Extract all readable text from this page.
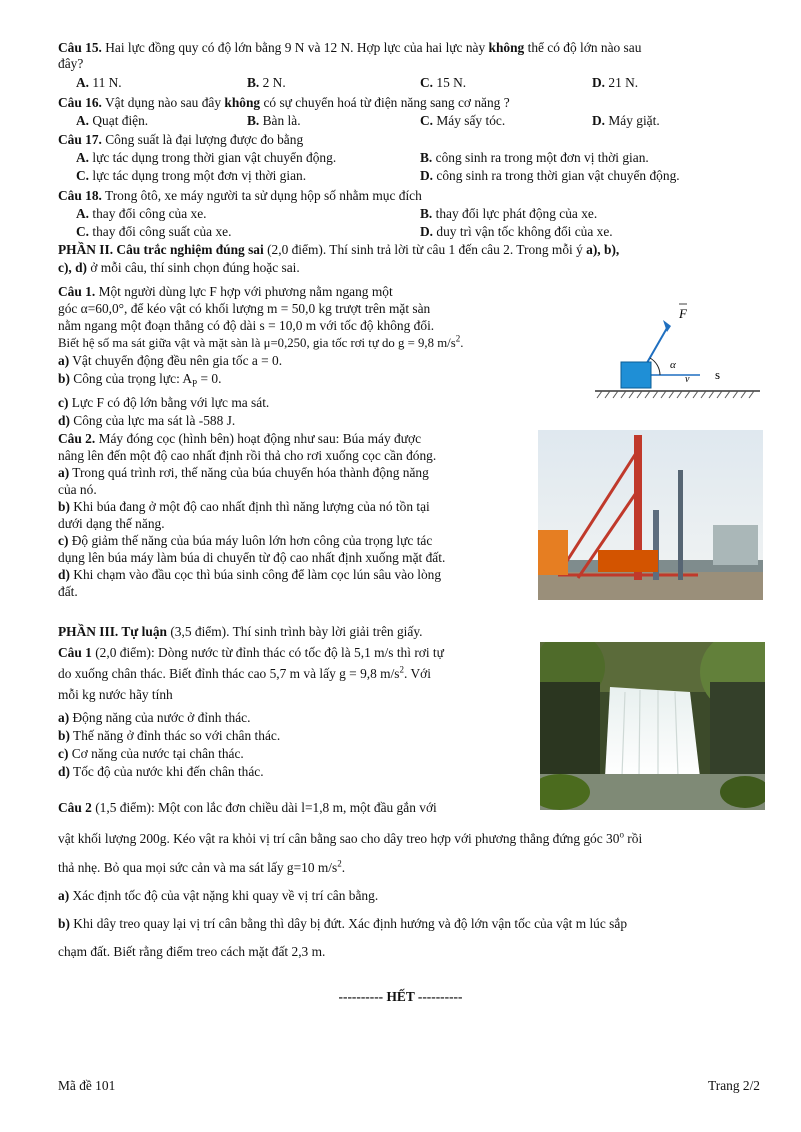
Câu 15. Hai lực đồng quy có độ lớn bằng 9 N và 12 N. Hợp lực của hai lực này không thể có độ lớn nào sau
đây?
A. 11 N.	B. 2 N.	C. 15 N.	D. 21 N.
Câu 16. Vật dụng nào sau đây không có sự chuyển hoá từ điện năng sang cơ năng ?
A. Quạt điện.	B. Bàn là.	C. Máy sấy tóc.	D. Máy giặt.
Câu 17. Công suất là đại lượng được đo bằng
A. lực tác dụng trong thời gian vật chuyển động.	B. công sinh ra trong một đơn vị thời gian.
C. lực tác dụng trong một đơn vị thời gian.	D. công sinh ra trong thời gian vật chuyển động.
Câu 18. Trong ôtô, xe máy người ta sử dụng hộp số nhằm mục đích
A. thay đổi công của xe.	B. thay đổi lực phát động của xe.
C. thay đổi công suất của xe.	D. duy trì vận tốc không đổi của xe.
PHẦN II. Câu trắc nghiệm đúng sai (2,0 điểm). Thí sinh trả lời từ câu 1 đến câu 2. Trong mỗi ý a), b),
c), d) ở mỗi câu, thí sinh chọn đúng hoặc sai.
Câu 1. Một người dùng lực F hợp với phương nằm ngang một
góc α=60,0°, để kéo vật có khối lượng m = 50,0 kg trượt trên mặt sàn
nằm ngang một đoạn thẳng có độ dài s = 10,0 m với tốc độ không đổi.
Biết hệ số ma sát giữa vật và mặt sàn là μ=0,250, gia tốc rơi tự do g = 9,8 $m/s^2$.
a) Vật chuyển động đều nên gia tốc a = 0.
b) Công của trọng lực: $A_P = 0$.
c) Lực F có độ lớn bằng với lực ma sát.
d) Công của lực ma sát là -588 J.
F
α
v s
Câu 2. Máy đóng cọc (hình bên) hoạt động như sau: Búa máy được
nâng lên đến một độ cao nhất định rồi thả cho rơi xuống cọc cần đóng.
a) Trong quá trình rơi, thế năng của búa chuyển hóa thành động năng
của nó.
b) Khi búa đang ở một độ cao nhất định thì năng lượng của nó tồn tại
dưới dạng thế năng.
c) Độ giảm thế năng của búa máy luôn lớn hơn công của trọng lực tác
dụng lên búa máy làm búa di chuyển từ độ cao nhất định xuống mặt đất.
d) Khi chạm vào đầu cọc thì búa sinh công để làm cọc lún sâu vào lòng
đất.
PHẦN III. Tự luận (3,5 điểm). Thí sinh trình bày lời giải trên giấy.
Câu 1 (2,0 điểm): Dòng nước từ đỉnh thác có tốc độ là 5,1 m/s thì rơi tự
do xuống chân thác. Biết đỉnh thác cao 5,7 m và lấy g = 9,8 $m/s^2$. Với
mỗi kg nước hãy tính
a) Động năng của nước ở đỉnh thác.
b) Thế năng ở đỉnh thác so với chân thác.
c) Cơ năng của nước tại chân thác.
d) Tốc độ của nước khi đến chân thác.
Câu 2 (1,5 điểm): Một con lắc đơn chiều dài l=1,8 m, một đầu gắn với
vật khối lượng 200g. Kéo vật ra khỏi vị trí cân bằng sao cho dây treo hợp với phương thẳng đứng góc 30$^o$ rồi
thả nhẹ. Bỏ qua mọi sức cản và ma sát lấy g=10 $m/s^2$.
a) Xác định tốc độ của vật nặng khi quay về vị trí cân bằng.
b) Khi dây treo quay lại vị trí cân bằng thì dây bị đứt. Xác định hướng và độ lớn vận tốc của vật m lúc sắp
chạm đất. Biết rằng điểm treo cách mặt đất 2,3 m.
---------- HẾT ----------
Mã đề 101	Trang 2/2
